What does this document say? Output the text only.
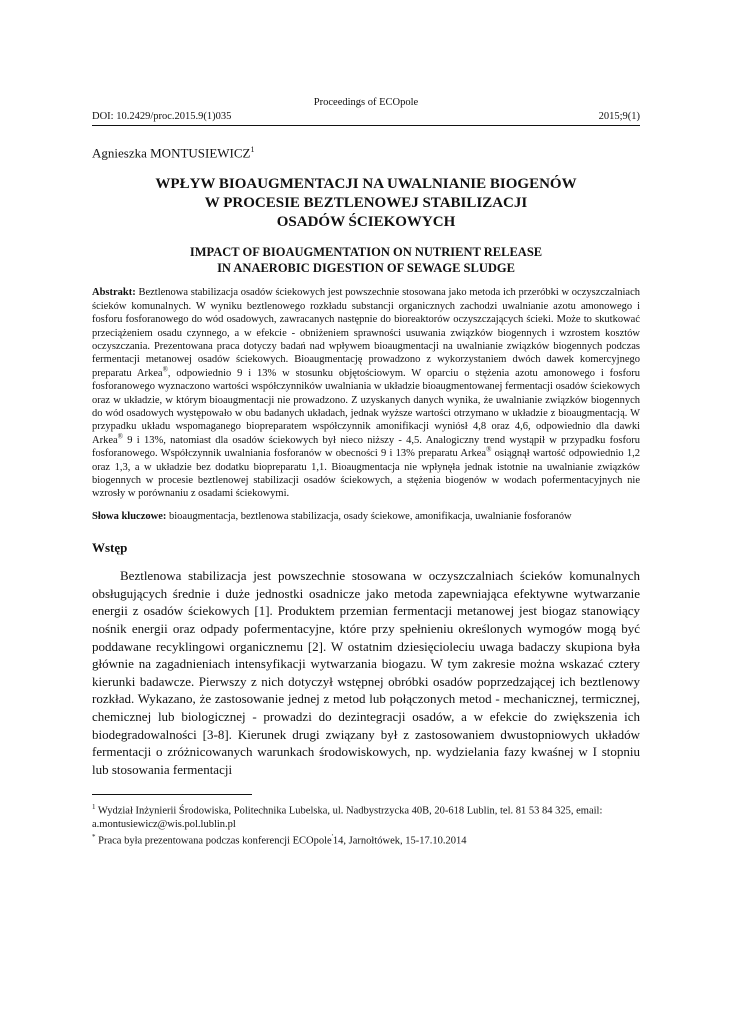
Proceedings of ECOpole
DOI: 10.2429/proc.2015.9(1)035	2015;9(1)
Agnieszka MONTUSIEWICZ$^1$
WPŁYW BIOAUGMENTACJI NA UWALNIANIE BIOGENÓW
W PROCESIE BEZTLENOWEJ STABILIZACJI
OSADÓW ŚCIEKOWYCH
IMPACT OF BIOAUGMENTATION ON NUTRIENT RELEASE
IN ANAEROBIC DIGESTION OF SEWAGE SLUDGE
Abstrakt: Beztlenowa stabilizacja osadów ściekowych jest powszechnie stosowana jako metoda ich przeróbki w oczyszczalniach ścieków komunalnych. W wyniku beztlenowego rozkładu substancji organicznych zachodzi uwalnianie azotu amonowego i fosforu fosforanowego do wód osadowych, zawracanych następnie do bioreaktorów oczyszczających ścieki. Może to skutkować przeciążeniem osadu czynnego, a w efekcie - obniżeniem sprawności usuwania związków biogennych i wzrostem kosztów oczyszczania. Prezentowana praca dotyczy badań nad wpływem bioaugmentacji na uwalnianie związków biogennych podczas fermentacji metanowej osadów ściekowych. Bioaugmentację prowadzono z wykorzystaniem dwóch dawek komercyjnego preparatu Arkea®, odpowiednio 9 i 13% w stosunku objętościowym. W oparciu o stężenia azotu amonowego i fosforu fosforanowego wyznaczono wartości współczynników uwalniania w układzie bioaugmentowanej fermentacji osadów ściekowych oraz w układzie, w którym bioaugmentacji nie prowadzono. Z uzyskanych danych wynika, że uwalnianie związków biogennych do wód osadowych występowało w obu badanych układach, jednak wyższe wartości otrzymano w układzie z bioaugmentacją. W przypadku układu wspomaganego biopreparatem współczynnik amonifikacji wyniósł 4,8 oraz 4,6, odpowiednio dla dawki Arkea® 9 i 13%, natomiast dla osadów ściekowych był nieco niższy - 4,5. Analogiczny trend wystąpił w przypadku fosforu fosforanowego. Współczynnik uwalniania fosforanów w obecności 9 i 13% preparatu Arkea® osiągnął wartość odpowiednio 1,2 oraz 1,3, a w układzie bez dodatku biopreparatu 1,1. Bioaugmentacja nie wpłynęła jednak istotnie na uwalnianie związków biogennych w procesie beztlenowej stabilizacji osadów ściekowych, a stężenia biogenów w wodach pofermentacyjnych nie wzrosły w porównaniu z osadami ściekowymi.
Słowa kluczowe: bioaugmentacja, beztlenowa stabilizacja, osady ściekowe, amonifikacja, uwalnianie fosforanów
Wstęp
Beztlenowa stabilizacja jest powszechnie stosowana w oczyszczalniach ścieków komunalnych obsługujących średnie i duże jednostki osadnicze jako metoda zapewniająca efektywne wytwarzanie energii z osadów ściekowych [1]. Produktem przemian fermentacji metanowej jest biogaz stanowiący nośnik energii oraz odpady pofermentacyjne, które przy spełnieniu określonych wymogów mogą być poddawane recyklingowi organicznemu [2]. W ostatnim dziesięcioleciu uwaga badaczy skupiona była głównie na zagadnieniach intensyfikacji wytwarzania biogazu. W tym zakresie można wskazać cztery kierunki badawcze. Pierwszy z nich dotyczył wstępnej obróbki osadów poprzedzającej ich beztlenowy rozkład. Wykazano, że zastosowanie jednej z metod lub połączonych metod - mechanicznej, termicznej, chemicznej lub biologicznej - prowadzi do dezintegracji osadów, a w efekcie do zwiększenia ich biodegradowalności [3-8]. Kierunek drugi związany był z zastosowaniem dwustopniowych układów fermentacji o zróżnicowanych warunkach środowiskowych, np. wydzielania fazy kwaśnej w I stopniu lub stosowania fermentacji
$^1$ Wydział Inżynierii Środowiska, Politechnika Lubelska, ul. Nadbystrzycka 40B, 20-618 Lublin, tel. 81 53 84 325, email: a.montusiewicz@wis.pol.lublin.pl
* Praca była prezentowana podczas konferencji ECOpole'14, Jarnołtówek, 15-17.10.2014
